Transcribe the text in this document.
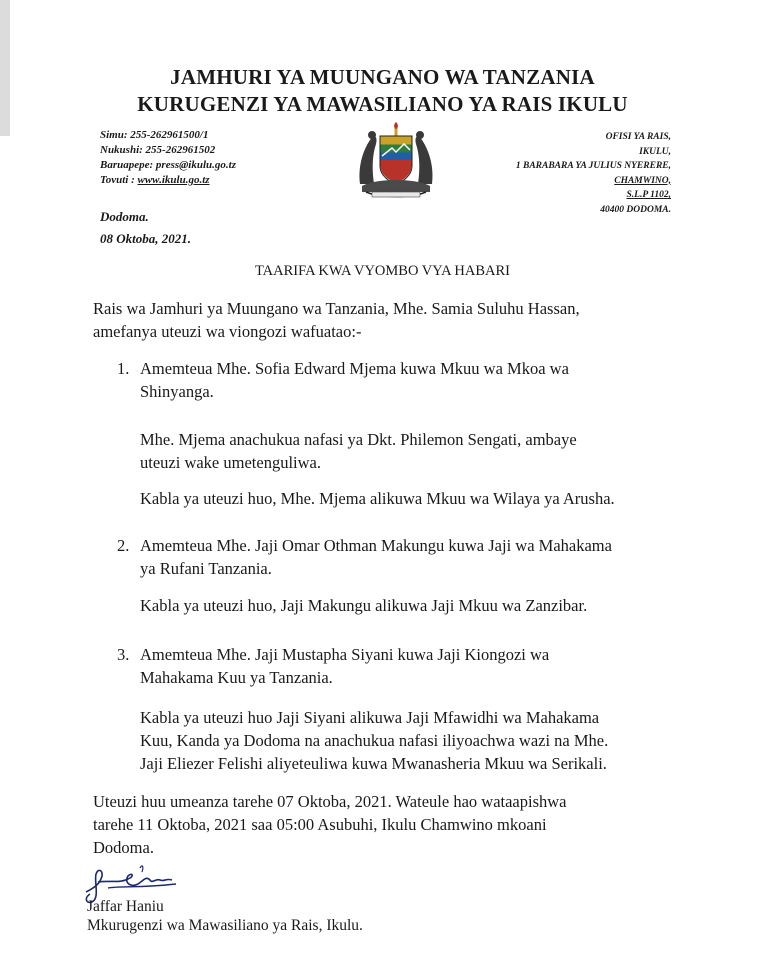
JAMHURI YA MUUNGANO WA TANZANIA
KURUGENZI YA MAWASILIANO YA RAIS IKULU
Simu: 255-262961500/1
Nukushi: 255-262961502
Baruapepe: press@ikulu.go.tz
Tovuti : www.ikulu.go.tz
OFISI YA RAIS,
IKULU,
1 BARABARA YA JULIUS NYERERE,
CHAMWINO,
S.L.P 1102,
40400 DODOMA.
Dodoma.
08 Oktoba, 2021.
TAARIFA KWA VYOMBO VYA HABARI
Rais wa Jamhuri ya Muungano wa Tanzania, Mhe. Samia Suluhu Hassan,
amefanya uteuzi wa viongozi wafuatao:-
1. Amemteua Mhe. Sofia Edward Mjema kuwa Mkuu wa Mkoa wa
Shinyanga.
Mhe. Mjema anachukua nafasi ya Dkt. Philemon Sengati, ambaye
uteuzi wake umetenguliwa.
Kabla ya uteuzi huo, Mhe. Mjema alikuwa Mkuu wa Wilaya ya Arusha.
2. Amemteua Mhe. Jaji Omar Othman Makungu kuwa Jaji wa Mahakama
ya Rufani Tanzania.
Kabla ya uteuzi huo, Jaji Makungu alikuwa Jaji Mkuu wa Zanzibar.
3. Amemteua Mhe. Jaji Mustapha Siyani kuwa Jaji Kiongozi wa
Mahakama Kuu ya Tanzania.
Kabla ya uteuzi huo Jaji Siyani alikuwa Jaji Mfawidhi wa Mahakama
Kuu, Kanda ya Dodoma na anachukua nafasi iliyoachwa wazi na Mhe.
Jaji Eliezer Felishi aliyeteuliwa kuwa Mwanasheria Mkuu wa Serikali.
Uteuzi huu umeanza tarehe 07 Oktoba, 2021. Wateule hao wataapishwa
tarehe 11 Oktoba, 2021 saa 05:00 Asubuhi, Ikulu Chamwino mkoani
Dodoma.
Jaffar Haniu
Mkurugenzi wa Mawasiliano ya Rais, Ikulu.
